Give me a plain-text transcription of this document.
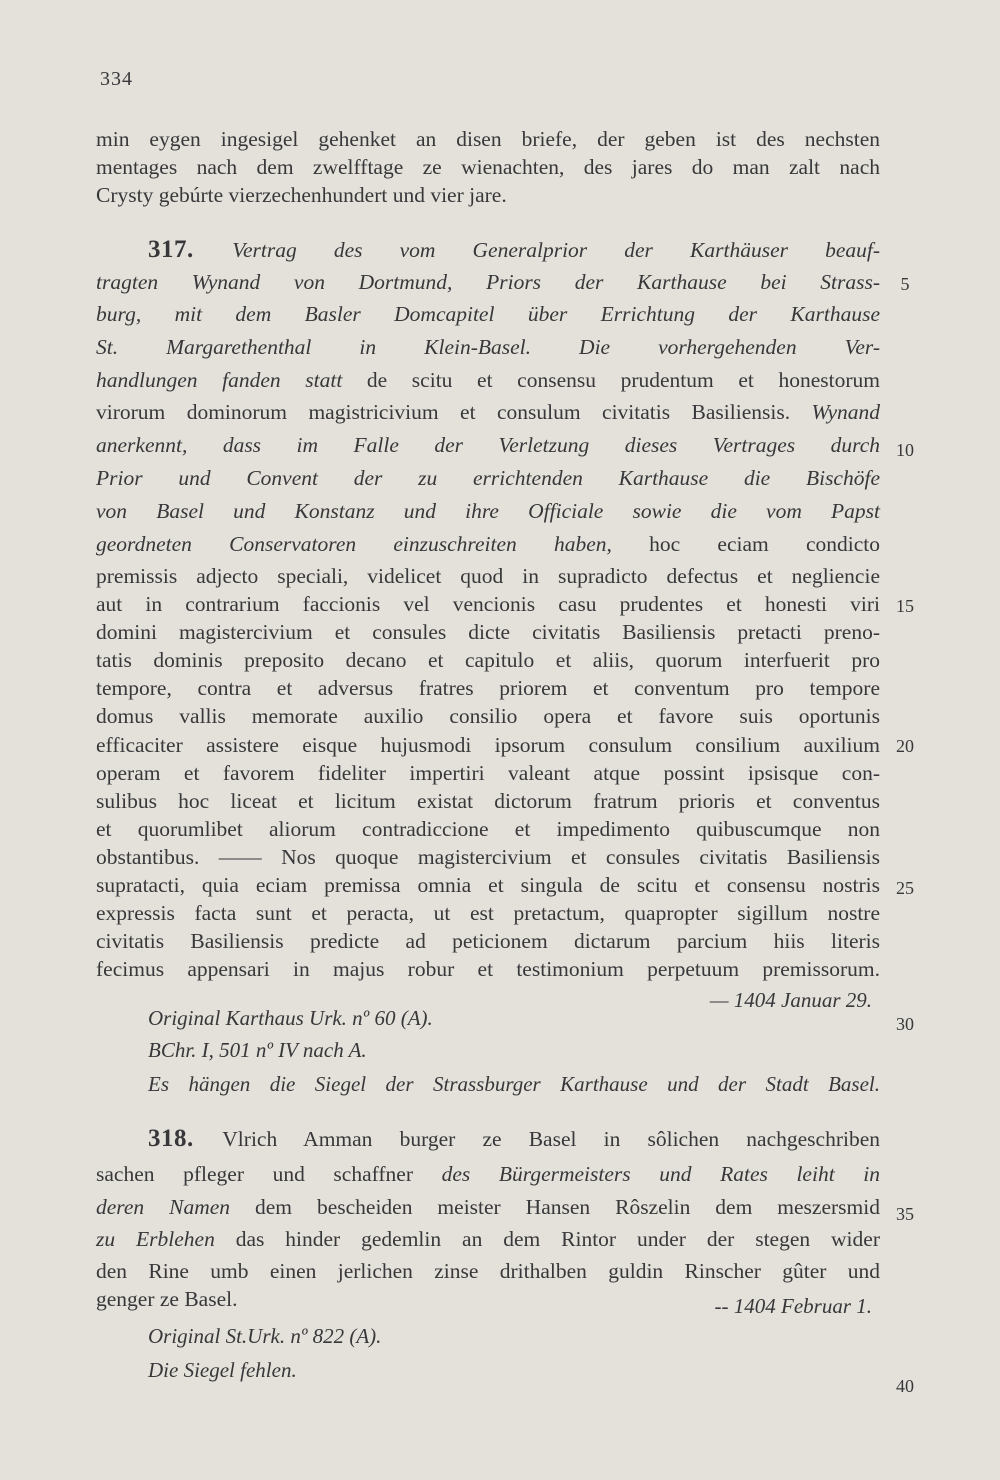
334
min eygen ingesigel gehenket an disen briefe, der geben ist des nechsten
mentages nach dem zwelfftage ze wienachten, des jares do man zalt nach
Crysty gebúrte vierzechenhundert und vier jare.
317. Vertrag des vom Generalprior der Karthäuser beauf-
tragten Wynand von Dortmund, Priors der Karthause bei Strass-
burg, mit dem Basler Domcapitel über Errichtung der Karthause
St. Margarethenthal in Klein-Basel. Die vorhergehenden Ver-
handlungen fanden statt de scitu et consensu prudentum et honestorum
virorum dominorum magistricivium et consulum civitatis Basiliensis. Wynand
anerkennt, dass im Falle der Verletzung dieses Vertrages durch
Prior und Convent der zu errichtenden Karthause die Bischöfe
von Basel und Konstanz und ihre Officiale sowie die vom Papst
geordneten Conservatoren einzuschreiten haben, hoc eciam condicto
premissis adjecto speciali, videlicet quod in supradicto defectus et negliencie
aut in contrarium faccionis vel vencionis casu prudentes et honesti viri
domini magistercivium et consules dicte civitatis Basiliensis pretacti preno-
tatis dominis preposito decano et capitulo et aliis, quorum interfuerit pro
tempore, contra et adversus fratres priorem et conventum pro tempore
domus vallis memorate auxilio consilio opera et favore suis oportunis
efficaciter assistere eisque hujusmodi ipsorum consulum consilium auxilium
operam et favorem fideliter impertiri valeant atque possint ipsisque con-
sulibus hoc liceat et licitum existat dictorum fratrum prioris et conventus
et quorumlibet aliorum contradiccione et impedimento quibuscumque non
obstantibus. —— Nos quoque magistercivium et consules civitatis Basiliensis
supratacti, quia eciam premissa omnia et singula de scitu et consensu nostris
expressis facta sunt et peracta, ut est pretactum, quapropter sigillum nostre
civitatis Basiliensis predicte ad peticionem dictarum parcium hiis literis
fecimus appensari in majus robur et testimonium perpetuum premissorum.
— 1404 Januar 29.
Original Karthaus Urk. nº 60 (A).
BChr. I, 501 nº IV nach A.
Es hängen die Siegel der Strassburger Karthause und der Stadt Basel.
318. Vlrich Amman burger ze Basel in sôlichen nachgeschriben
sachen pfleger und schaffner des Bürgermeisters und Rates leiht in
deren Namen dem bescheiden meister Hansen Rôszelin dem meszersmid
zu Erblehen das hinder gedemlin an dem Rintor under der stegen wider
den Rine umb einen jerlichen zinse drithalben guldin Rinscher gûter und
genger ze Basel.	-- 1404 Februar 1.
Original St.Urk. nº 822 (A).
Die Siegel fehlen.
5
10
15
20
25
30
35
40
